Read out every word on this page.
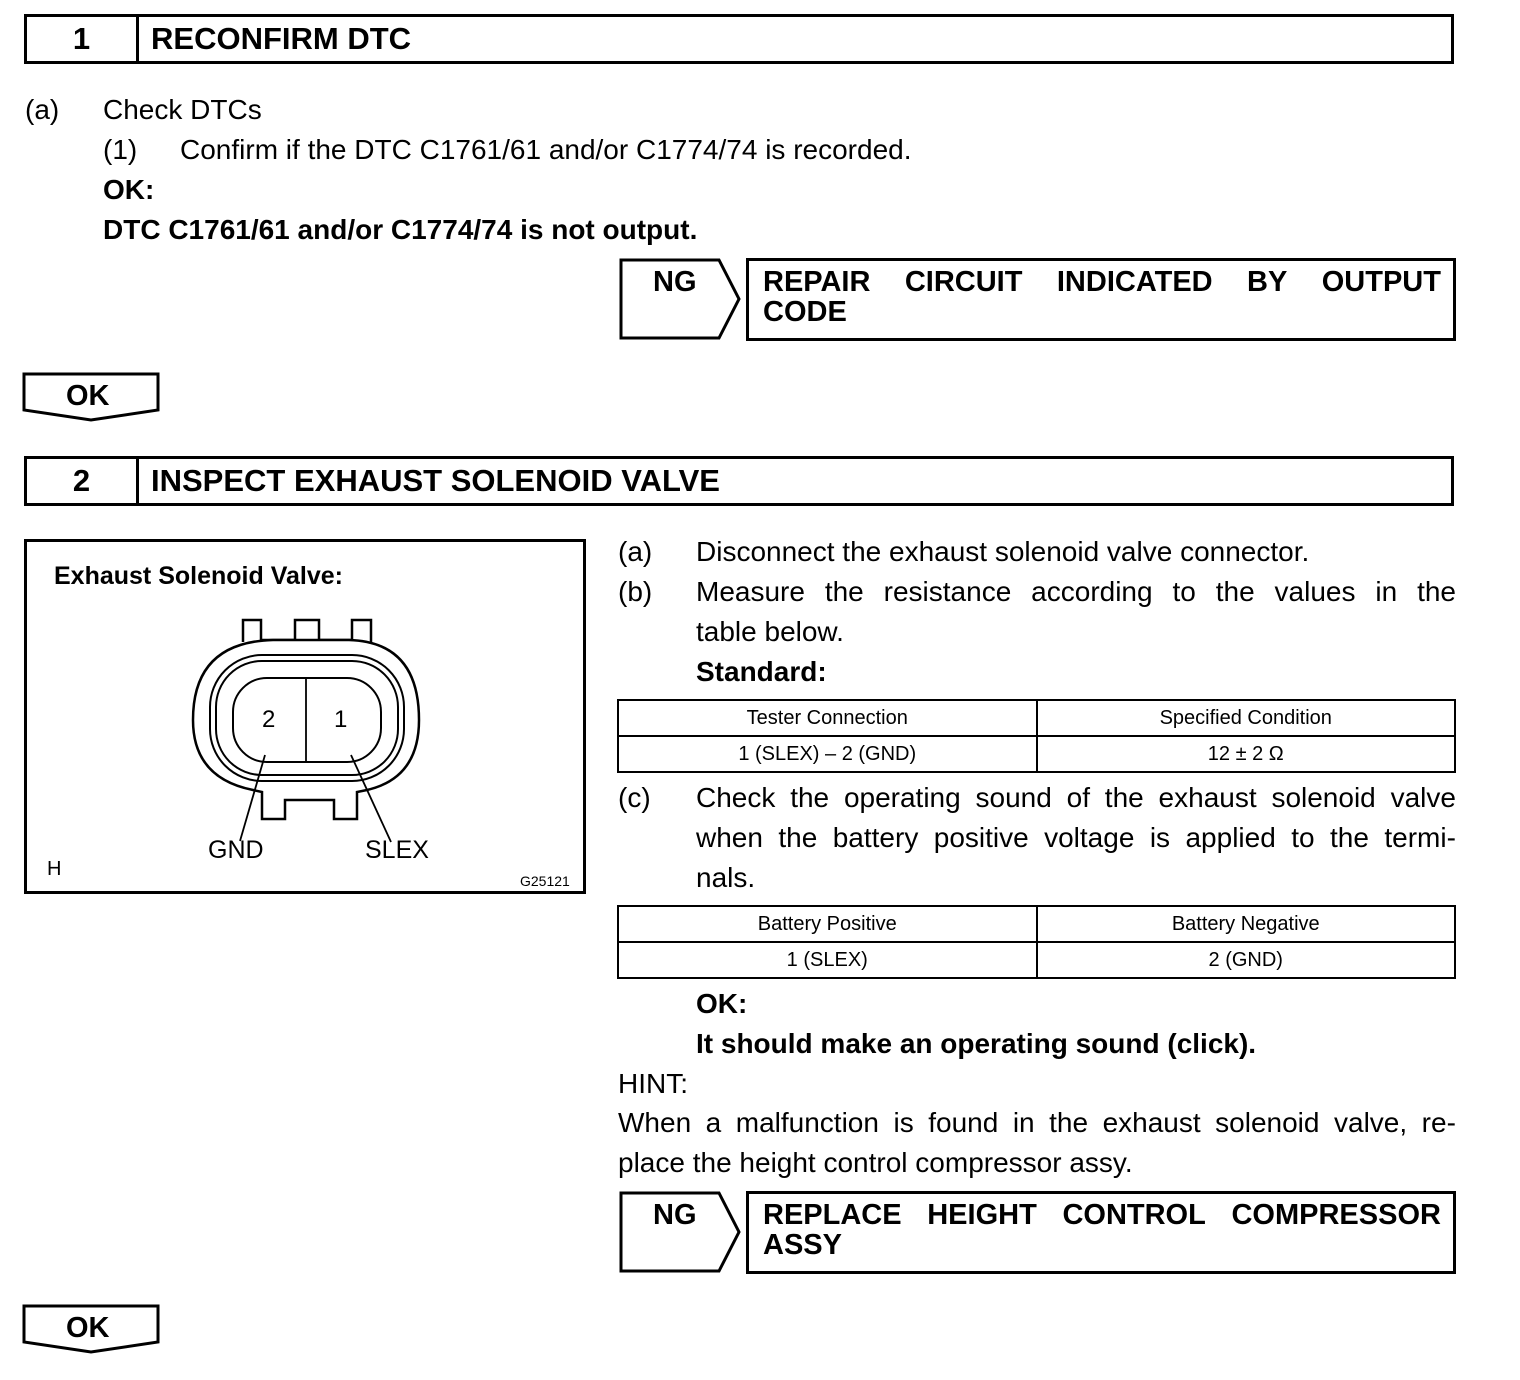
1	RECONFIRM DTC
(a) Check DTCs
(1) Confirm if the DTC C1761/61 and/or C1774/74 is recorded.
OK:
DTC C1761/61 and/or C1774/74 is not output.
NG REPAIR CIRCUIT INDICATED BY OUTPUT
CODE
OK
2	INSPECT EXHAUST SOLENOID VALVE
Exhaust Solenoid Valve:
2 1
GND	SLEX
H
G25121
(a) Disconnect the exhaust solenoid valve connector.
(b) Measure the resistance according to the values in the
table below.
Standard:
Tester Connection	Specified Condition
1 (SLEX) – 2 (GND)	12 ± 2 Ω
(c) Check the operating sound of the exhaust solenoid valve
when the battery positive voltage is applied to the termi-
nals.
Battery Positive	Battery Negative
1 (SLEX)	2 (GND)
OK:
It should make an operating sound (click).
HINT:
When a malfunction is found in the exhaust solenoid valve, re-
place the height control compressor assy.
NG REPLACE HEIGHT CONTROL COMPRESSOR
ASSY
OK
